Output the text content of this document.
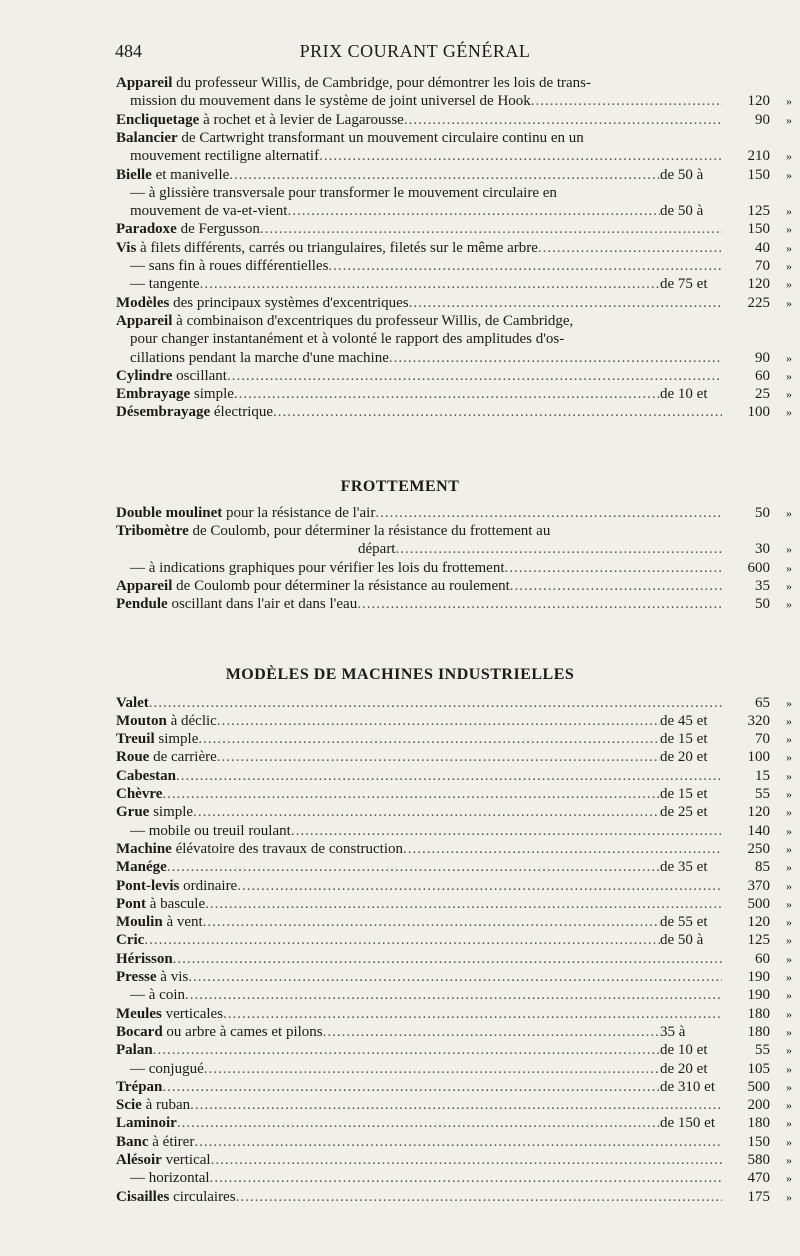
484	PRIX COURANT GÉNÉRAL
Appareil du professeur Willis, de Cambridge, pour démontrer les lois de trans-
mission du mouvement dans le système de joint universel de Hook .....	120 »
Encliquetage à rochet et à levier de Lagarousse .....	90 »
Balancier de Cartwright transformant un mouvement circulaire continu en un
mouvement rectiligne alternatif .....	210 »
Bielle et manivelle .....	de 50 à	150 »
— à glissière transversale pour transformer le mouvement circulaire en
mouvement de va-et-vient .....	de 50 à	125 »
Paradoxe de Fergusson .....	150 »
Vis à filets différents, carrés ou triangulaires, filetés sur le même arbre .....	40 »
— sans fin à roues différentielles .....	70 »
— tangente .....	de 75 et	120 »
Modèles des principaux systèmes d'excentriques .....	225 »
Appareil à combinaison d'excentriques du professeur Willis, de Cambridge,
pour changer instantanément et à volonté le rapport des amplitudes d'os-
cillations pendant la marche d'une machine .....	90 »
Cylindre oscillant .....	60 »
Embrayage simple .....	de 10 et	25 »
Désembrayage électrique .....	100 »
FROTTEMENT
Double moulinet pour la résistance de l'air .....	50 »
Tribomètre de Coulomb, pour déterminer la résistance du frottement au
départ .....	30 »
— à indications graphiques pour vérifier les lois du frottement .....	600 »
Appareil de Coulomb pour déterminer la résistance au roulement .....	35 »
Pendule oscillant dans l'air et dans l'eau .....	50 »
MODÈLES DE MACHINES INDUSTRIELLES
Valet .....	65 »
Mouton à déclic .....	de 45 et	320 »
Treuil simple .....	de 15 et	70 »
Roue de carrière .....	de 20 et	100 »
Cabestan .....	15 »
Chèvre .....	de 15 et	55 »
Grue simple .....	de 25 et	120 »
— mobile ou treuil roulant .....	140 »
Machine élévatoire des travaux de construction .....	250 »
Manége .....	de 35 et	85 »
Pont-levis ordinaire .....	370 »
Pont à bascule .....	500 »
Moulin à vent .....	de 55 et	120 »
Cric .....	de 50 à	125 »
Hérisson .....	60 »
Presse à vis .....	190 »
— à coin .....	190 »
Meules verticales .....	180 »
Bocard ou arbre à cames et pilons .....	35 à	180 »
Palan .....	de 10 et	55 »
— conjugué .....	de 20 et	105 »
Trépan .....	de 310 et	500 »
Scie à ruban .....	200 »
Laminoir .....	de 150 et	180 »
Banc à étirer .....	150 »
Alésoir vertical .....	580 »
— horizontal .....	470 »
Cisailles circulaires .....	175 »
